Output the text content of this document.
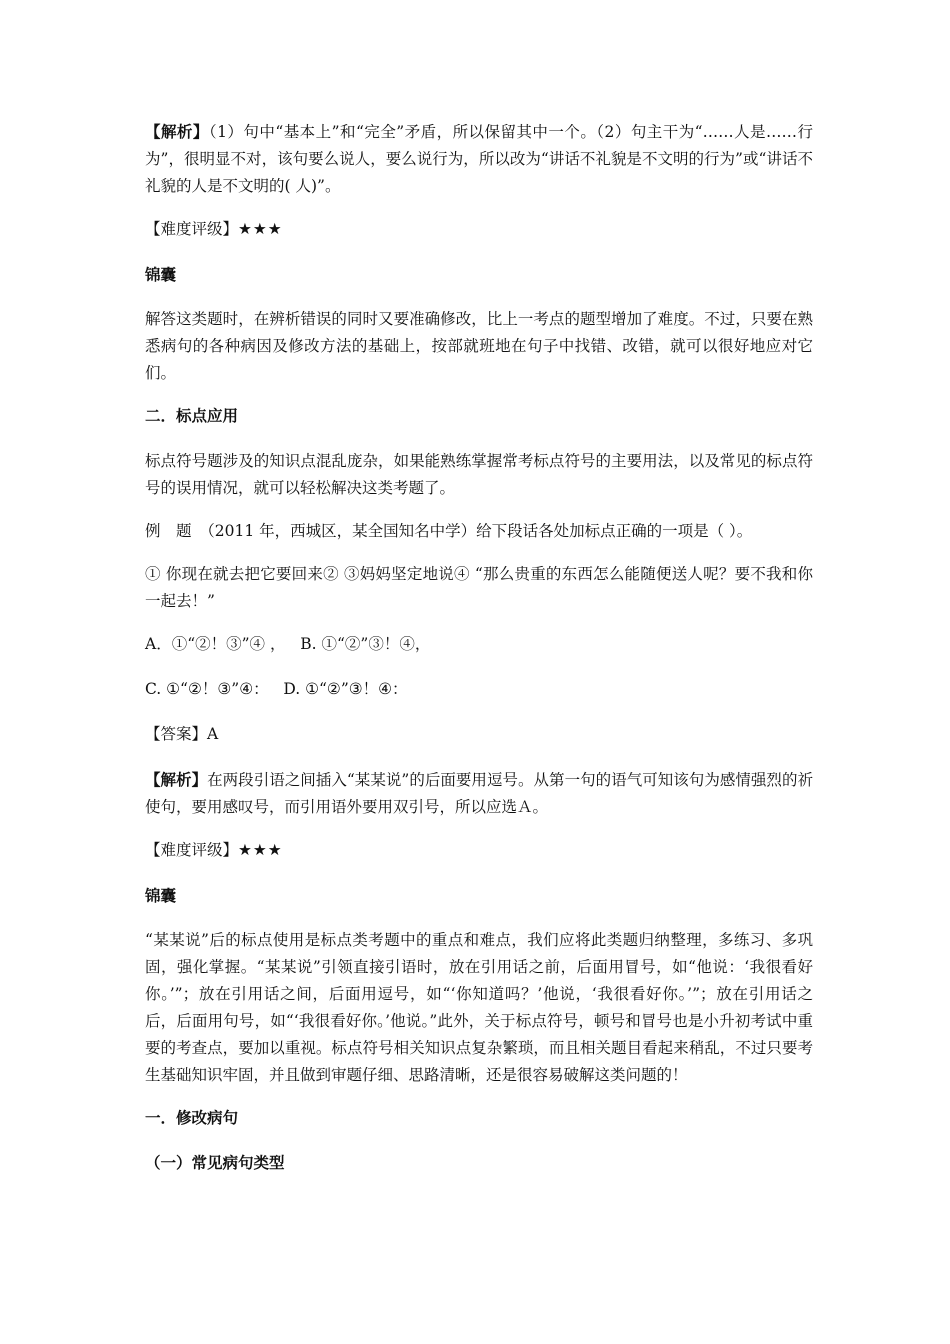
【解析】（1）句中“基本上”和“完全”矛盾，所以保留其中一个。（2）句主干为“……人是……行为”，很明显不对，该句要么说人，要么说行为，所以改为“讲话不礼貌是不文明的行为”或“讲话不礼貌的人是不文明的( 人)”。

【难度评级】★★★

锦囊

解答这类题时，在辨析错误的同时又要准确修改，比上一考点的题型增加了难度。不过，只要在熟悉病句的各种病因及修改方法的基础上，按部就班地在句子中找错、改错，就可以很好地应对它们。

二．标点应用

标点符号题涉及的知识点混乱庞杂，如果能熟练掌握常考标点符号的主要用法，以及常见的标点符号的误用情况，就可以轻松解决这类考题了。

例　题　（2011 年，西城区，某全国知名中学）给下段话各处加标点正确的一项是（ ）。

① 你现在就去把它要回来② ③妈妈坚定地说④ “那么贵重的东西怎么能随便送人呢？要不我和你一起去！”

A．①“②！③”④ ，   B. ①“②”③！④，

C. ①“②！③”④：   D. ①“②”③！④：

【答案】A

【解析】在两段引语之间插入“某某说”的后面要用逗号。从第一句的语气可知该句为感情强烈的祈使句，要用感叹号，而引用语外要用双引号，所以应选Ａ。

【难度评级】★★★

锦囊

“某某说”后的标点使用是标点类考题中的重点和难点，我们应将此类题归纳整理，多练习、多巩固，强化掌握。“某某说”引领直接引语时，放在引用话之前，后面用冒号，如“他说：‘我很看好你。’”；放在引用话之间，后面用逗号，如“‘你知道吗？’他说，‘我很看好你。’”；放在引用话之后，后面用句号，如“‘我很看好你。’他说。”此外，关于标点符号，顿号和冒号也是小升初考试中重要的考查点，要加以重视。标点符号相关知识点复杂繁琐，而且相关题目看起来稍乱，不过只要考生基础知识牢固，并且做到审题仔细、思路清晰，还是很容易破解这类问题的！

一．修改病句

（一）常见病句类型
